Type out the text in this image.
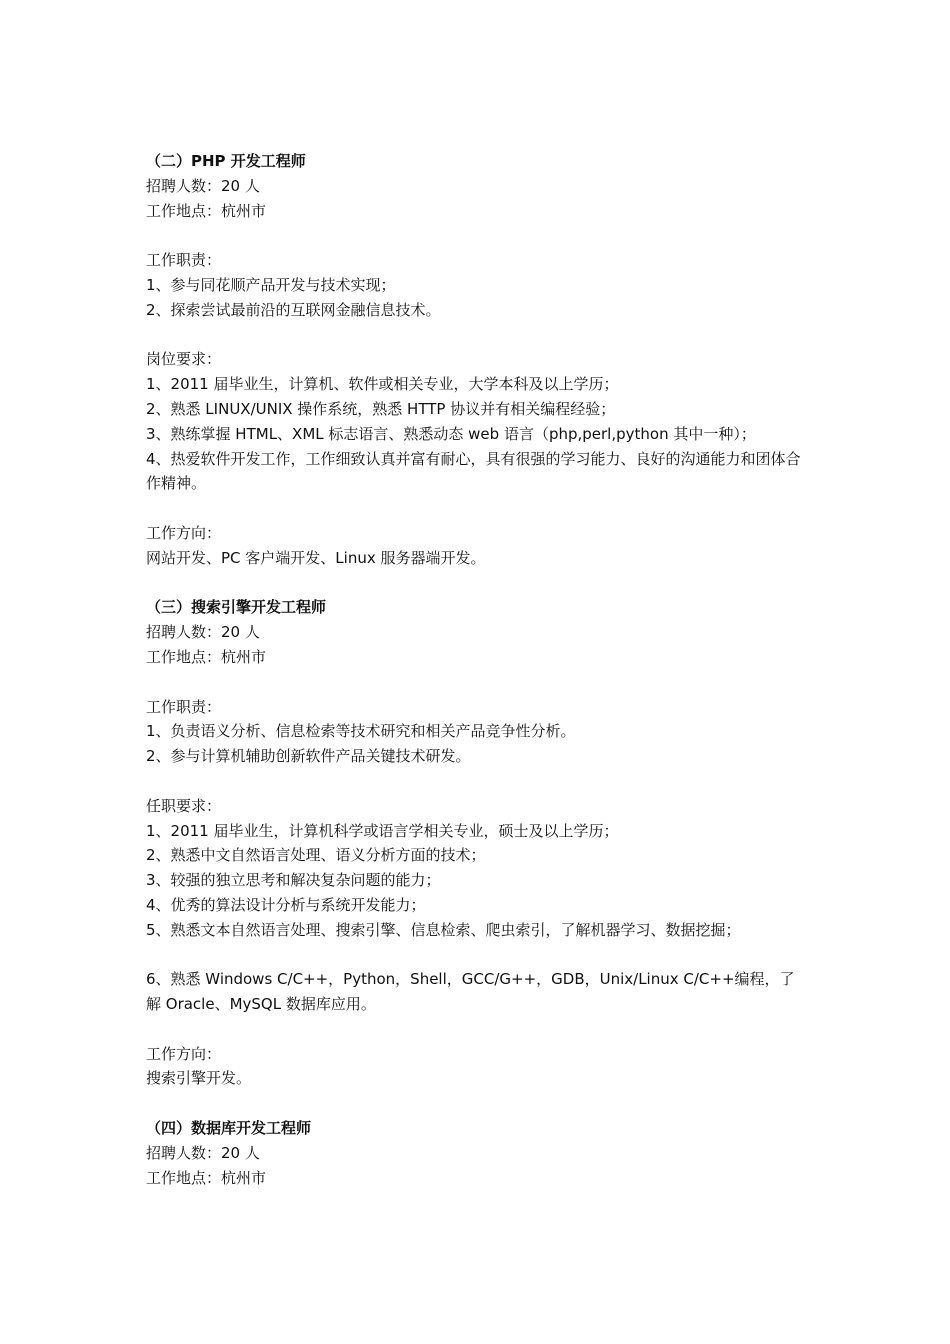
（二）PHP 开发工程师
招聘人数：20 人
工作地点：杭州市
工作职责：
1、参与同花顺产品开发与技术实现；
2、探索尝试最前沿的互联网金融信息技术。
岗位要求：
1、2011 届毕业生，计算机、软件或相关专业，大学本科及以上学历；
2、熟悉 LINUX/UNIX 操作系统，熟悉 HTTP 协议并有相关编程经验；
3、熟练掌握 HTML、XML 标志语言、熟悉动态 web 语言（php,perl,python 其中一种）；
4、热爱软件开发工作，工作细致认真并富有耐心，具有很强的学习能力、良好的沟通能力和团体合作精神。
工作方向：
网站开发、PC 客户端开发、Linux 服务器端开发。
（三）搜索引擎开发工程师
招聘人数：20 人
工作地点：杭州市
工作职责：
1、负责语义分析、信息检索等技术研究和相关产品竞争性分析。
2、参与计算机辅助创新软件产品关键技术研发。
任职要求：
1、2011 届毕业生，计算机科学或语言学相关专业，硕士及以上学历；
2、熟悉中文自然语言处理、语义分析方面的技术；
3、较强的独立思考和解决复杂问题的能力；
4、优秀的算法设计分析与系统开发能力；
5、熟悉文本自然语言处理、搜索引擎、信息检索、爬虫索引，了解机器学习、数据挖掘；
6、熟悉 Windows C/C++，Python，Shell，GCC/G++，GDB，Unix/Linux C/C++编程，了解 Oracle、MySQL 数据库应用。
工作方向：
搜索引擎开发。
（四）数据库开发工程师
招聘人数：20 人
工作地点：杭州市
